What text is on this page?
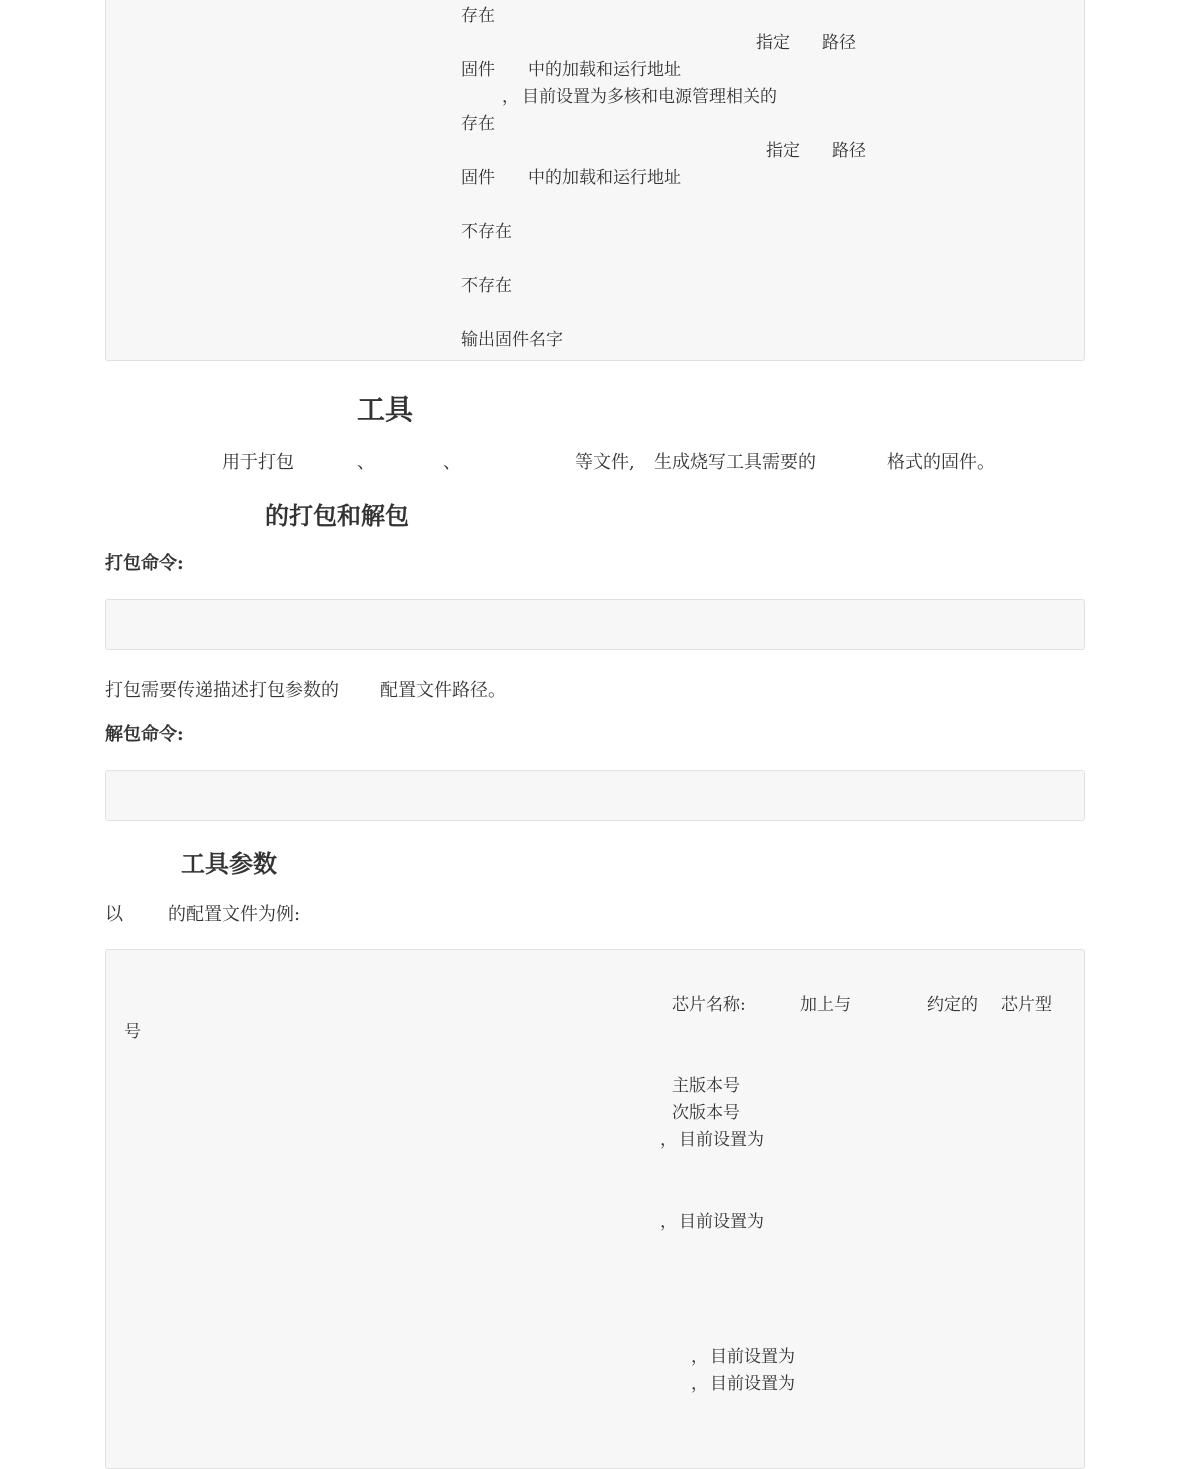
存在
指定 路径
固件 中的加载和运行地址
， 目前设置为多核和电源管理相关的
存在
指定 路径
固件 中的加载和运行地址
不存在
不存在
输出固件名字
工具
用于打包	、	、	等文件, 生成烧写工具需要的	格式的固件。
的打包和解包
打包命令:
打包需要传递描述打包参数的 配置文件路径。
解包命令:
工具参数
以	的配置文件为例:
芯片名称:	加上与	约定的 芯片型
号
主版本号
次版本号
， 目前设置为
， 目前设置为
， 目前设置为
， 目前设置为
